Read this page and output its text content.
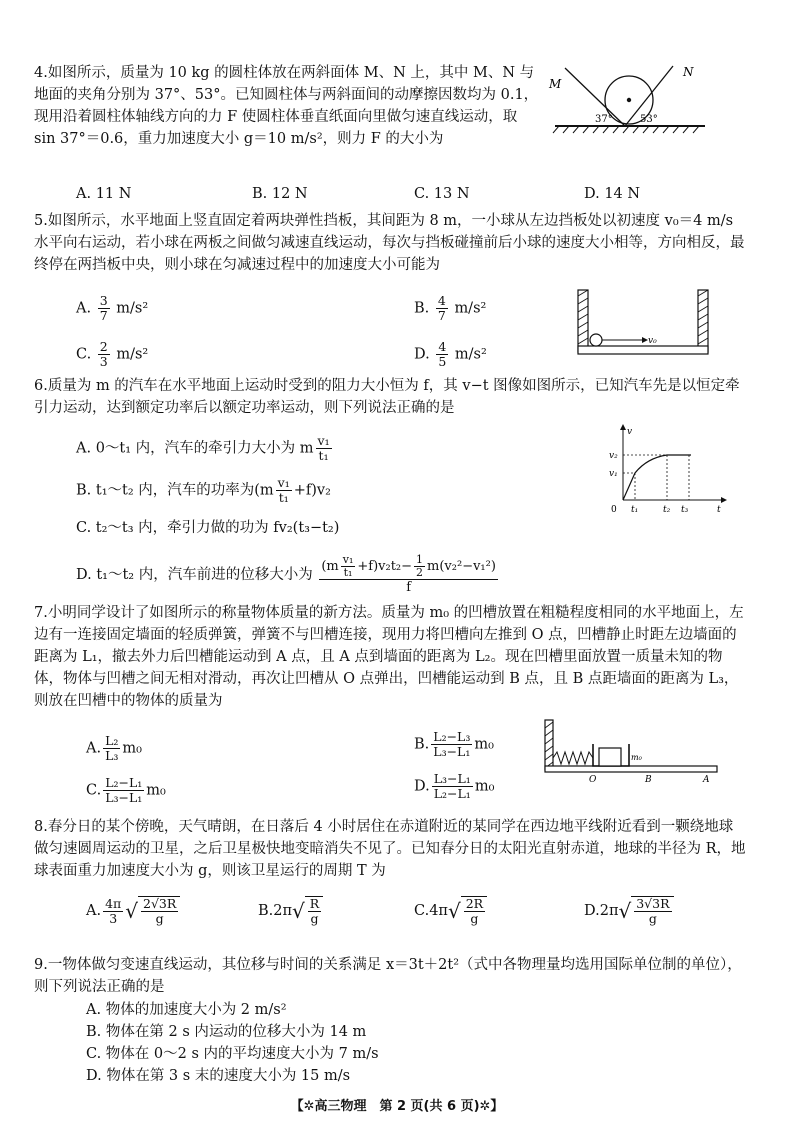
4.如图所示，质量为 10 kg 的圆柱体放在两斜面体 M、N 上，其中 M、N 与地面的夹角分别为 37°、53°。已知圆柱体与两斜面间的动摩擦因数均为 0.1，现用沿着圆柱体轴线方向的力 F 使圆柱体垂直纸面向里做匀速直线运动，取 sin 37°＝0.6，重力加速度大小 g＝10 m/s²，则力 F 的大小为
A. 11 N	B. 12 N	C. 13 N	D. 14 N
M
N
37°	53°
5.如图所示，水平地面上竖直固定着两块弹性挡板，其间距为 8 m，一小球从左边挡板处以初速度 v₀＝4 m/s水平向右运动，若小球在两板之间做匀减速直线运动，每次与挡板碰撞前后小球的速度大小相等，方向相反，最终停在两挡板中央，则小球在匀减速过程中的加速度大小可能为
A. $\frac{3}{7} m/s^2$	B. $\frac{4}{7} m/s^2$
C. $\frac{2}{3} m/s^2$	D. $\frac{4}{5} m/s^2$
v₀
6.质量为 m 的汽车在水平地面上运动时受到的阻力大小恒为 f，其 v−t 图像如图所示，已知汽车先是以恒定牵引力运动，达到额定功率后以额定功率运动，则下列说法正确的是
A. 0～t₁ 内，汽车的牵引力大小为 m $\frac{\text{v₁}}{\text{t₁}}$
B. t₁～t₂ 内，汽车的功率为$(m \frac{\text{v₁}}{\text{t₁}} +f)v_2$
C. t₂～t₃ 内，牵引力做的功为 fv₂(t₃−t₂)
D. t₁～t₂ 内，汽车前进的位移大小为 $\frac{(m \frac{\text{v₁}}{\text{t₁}} +f)v_2t_2- \frac{1}{2} m(v_2^2-v_1^2)}{f}$
v
t
0
v₂
v₁
t₁	t₂ t₃
7.小明同学设计了如图所示的称量物体质量的新方法。质量为 m₀ 的凹槽放置在粗糙程度相同的水平地面上，左边有一连接固定墙面的轻质弹簧，弹簧不与凹槽连接，现用力将凹槽向左推到 O 点，凹槽静止时距左边墙面的距离为 L₁，撤去外力后凹槽能运动到 A 点，且 A 点到墙面的距离为 L₂。现在凹槽里面放置一质量未知的物体，物体与凹槽之间无相对滑动，再次让凹槽从 O 点弹出，凹槽能运动到 B 点，且 B 点距墙面的距离为 L₃，则放在凹槽中的物体的质量为
A. $\frac{\text{L₂}}{\text{L₃}} m_0$	B. $\frac{\text{L₂−L₃}}{\text{L₃−L₁}} m_0$
C. $\frac{\text{L₂−L₁}}{\text{L₃−L₁}} m_0$	D. $\frac{\text{L₃−L₁}}{\text{L₂−L₁}} m_0$
m₀
O	B	A
8.春分日的某个傍晚，天气晴朗，在日落后 4 小时居住在赤道附近的某同学在西边地平线附近看到一颗绕地球做匀速圆周运动的卫星，之后卫星极快地变暗消失不见了。已知春分日的太阳光直射赤道，地球的半径为 R，地球表面重力加速度大小为 g，则该卫星运行的周期 T 为
A. $\frac{4\pi}{3}$ √ $\frac{2√3R}{g}$	B. 2π √ $\frac{R}{g}$	C. 4π √ $\frac{2R}{g}$	D. 2π √ $\frac{3√3R}{g}$
9.一物体做匀变速直线运动，其位移与时间的关系满足 x＝3t＋2t²（式中各物理量均选用国际单位制的单位），则下列说法正确的是
A. 物体的加速度大小为 2 m/s²
B. 物体在第 2 s 内运动的位移大小为 14 m
C. 物体在 0～2 s 内的平均速度大小为 7 m/s
D. 物体在第 3 s 末的速度大小为 15 m/s
【✲高三物理　第 2 页(共 6 页)✲】
